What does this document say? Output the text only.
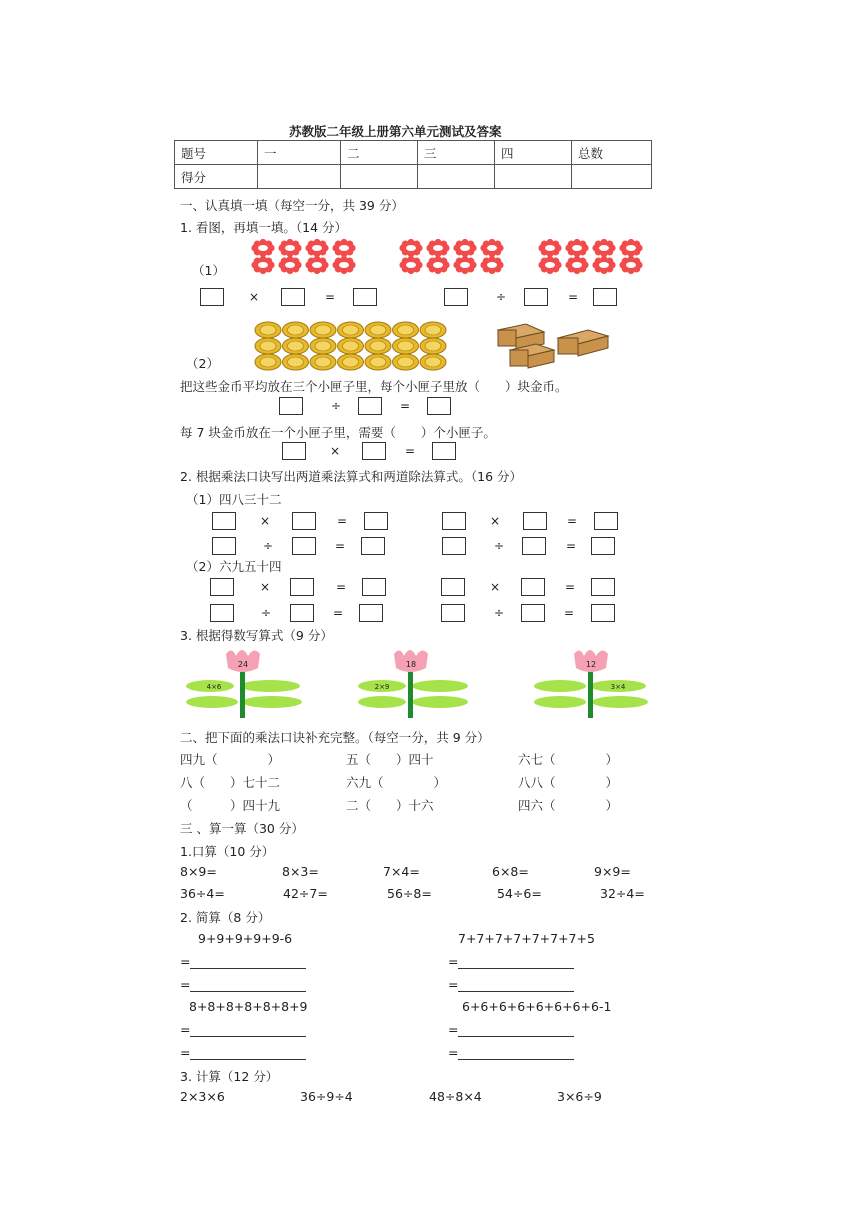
苏教版二年级上册第六单元测试及答案
题号	一	二	三	四	总数
得分					
一、认真填一填（每空一分，共 39 分）
1. 看图，再填一填。（14 分）
（1）
×	=	÷	=
（2）
把这些金币平均放在三个小匣子里，每个小匣子里放（　　）块金币。
÷	=
每 7 块金币放在一个小匣子里，需要（　　）个小匣子。
×	=
2. 根据乘法口诀写出两道乘法算式和两道除法算式。（16 分）
（1）四八三十二
×	=	×	=
÷	=	÷	=
（2）六九五十四
×	=	×	=
÷	=	÷	=
3. 根据得数写算式（9 分）
24
4×6
18
2×9
12
3×4
二、把下面的乘法口诀补充完整。（每空一分，共 9 分）
四九（　　　　）	五（　　）四十	六七（　　　　）
八（　　）七十二	六九（　　　　）	八八（　　　　）
（　　　）四十九	二（　　）十六	四六（　　　　）
三 、算一算（30 分）
1.口算（10 分）
8×9=	8×3=	7×4=	6×8=	9×9=
36÷4=	42÷7=	56÷8=	54÷6=	32÷4=
2. 简算（8 分）
9+9+9+9+9-6	7+7+7+7+7+7+7+5
=	=
=	=
8+8+8+8+8+8+9	6+6+6+6+6+6+6+6-1
=	=
=	=
3. 计算（12 分）
2×3×6	36÷9÷4	48÷8×4	3×6÷9
